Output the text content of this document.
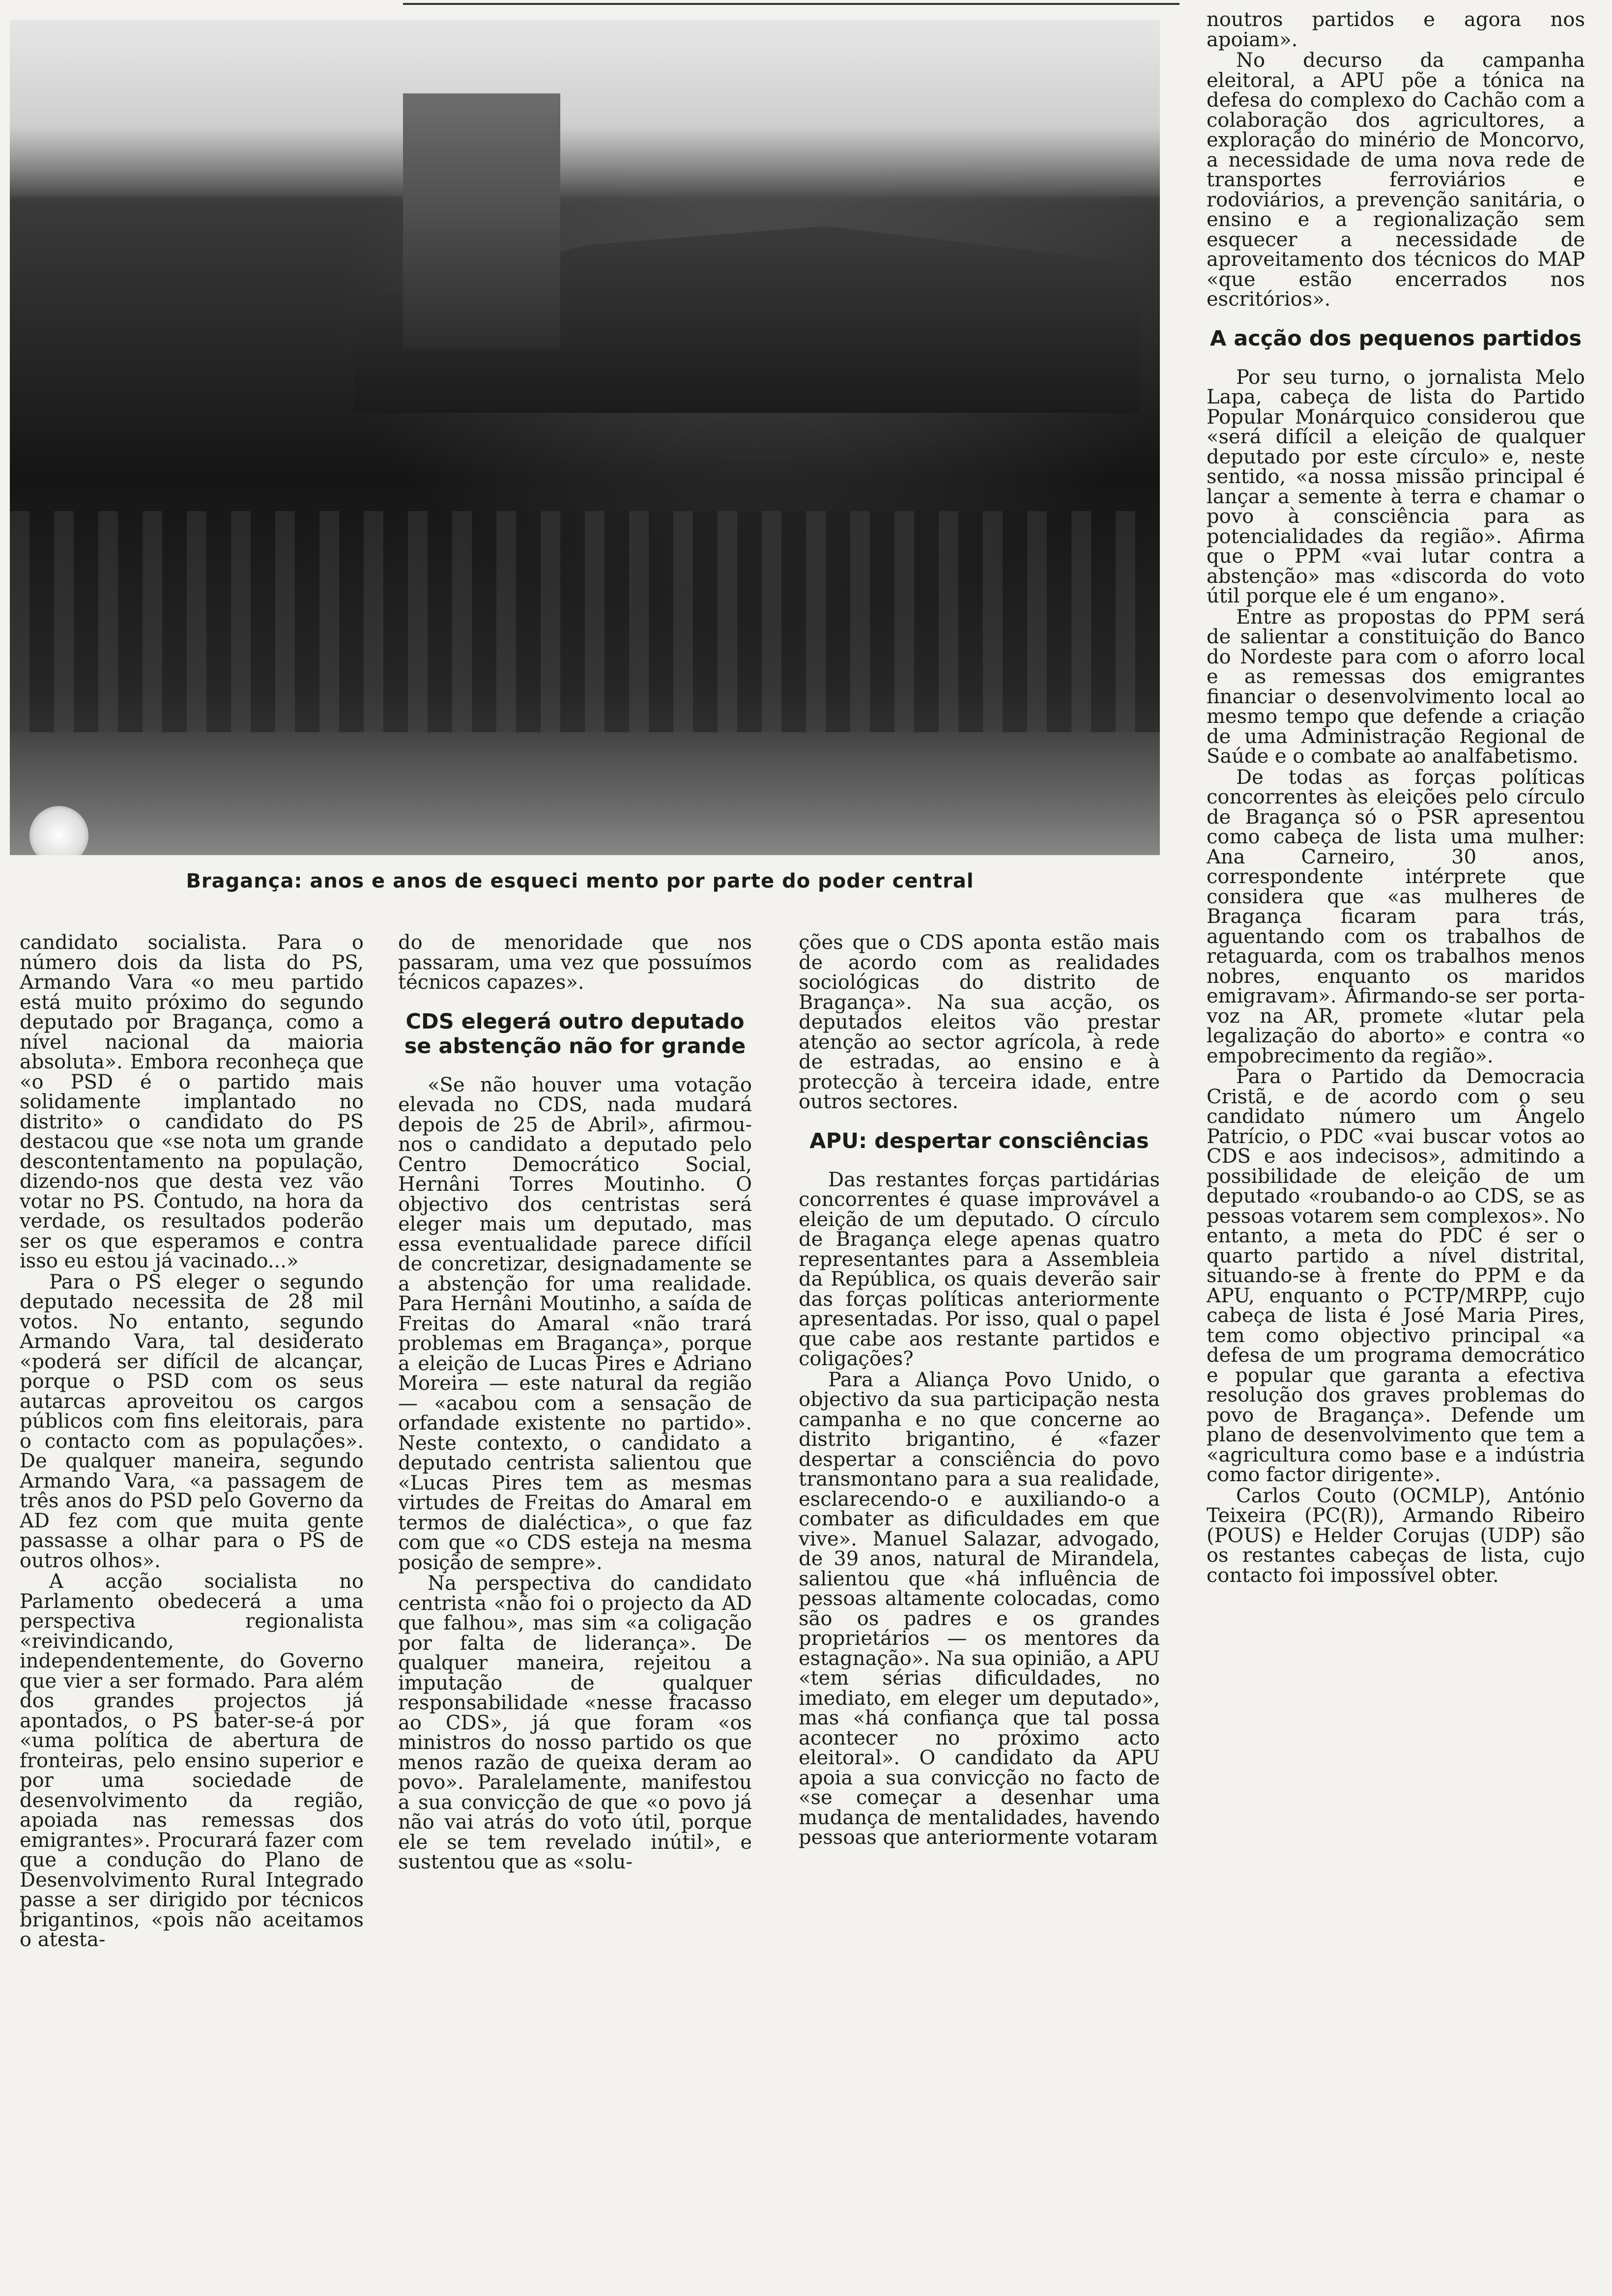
Bragança: anos e anos de esqueci mento por parte do poder central

candidato socialista. Para o número dois da lista do PS, Armando Vara «o meu partido está muito próximo do segundo deputado por Bragança, como a nível nacional da maioria absoluta». Embora reconheça que «o PSD é o partido mais solidamente implantado no distrito» o candidato do PS destacou que «se nota um grande descontentamento na população, dizendo-nos que desta vez vão votar no PS. Contudo, na hora da verdade, os resultados poderão ser os que esperamos e contra isso eu estou já vacinado...»

Para o PS eleger o segundo deputado necessita de 28 mil votos. No entanto, segundo Armando Vara, tal desiderato «poderá ser difícil de alcançar, porque o PSD com os seus autarcas aproveitou os cargos públicos com fins eleitorais, para o contacto com as populações». De qualquer maneira, segundo Armando Vara, «a passagem de três anos do PSD pelo Governo da AD fez com que muita gente passasse a olhar para o PS de outros olhos».

A acção socialista no Parlamento obedecerá a uma perspectiva regionalista «reivindicando, independentemente, do Governo que vier a ser formado. Para além dos grandes projectos já apontados, o PS bater-se-á por «uma política de abertura de fronteiras, pelo ensino superior e por uma sociedade de desenvolvimento da região, apoiada nas remessas dos emigrantes». Procurará fazer com que a condução do Plano de Desenvolvimento Rural Integrado passe a ser dirigido por técnicos brigantinos, «pois não aceitamos o atesta-

do de menoridade que nos passaram, uma vez que possuímos técnicos capazes».

CDS elegerá outro deputado se abstenção não for grande

«Se não houver uma votação elevada no CDS, nada mudará depois de 25 de Abril», afirmou-nos o candidato a deputado pelo Centro Democrático Social, Hernâni Torres Moutinho. O objectivo dos centristas será eleger mais um deputado, mas essa eventualidade parece difícil de concretizar, designadamente se a abstenção for uma realidade. Para Hernâni Moutinho, a saída de Freitas do Amaral «não trará problemas em Bragança», porque a eleição de Lucas Pires e Adriano Moreira — este natural da região — «acabou com a sensação de orfandade existente no partido». Neste contexto, o candidato a deputado centrista salientou que «Lucas Pires tem as mesmas virtudes de Freitas do Amaral em termos de dialéctica», o que faz com que «o CDS esteja na mesma posição de sempre».

Na perspectiva do candidato centrista «não foi o projecto da AD que falhou», mas sim «a coligação por falta de liderança». De qualquer maneira, rejeitou a imputação de qualquer responsabilidade «nesse fracasso ao CDS», já que foram «os ministros do nosso partido os que menos razão de queixa deram ao povo». Paralelamente, manifestou a sua convicção de que «o povo já não vai atrás do voto útil, porque ele se tem revelado inútil», e sustentou que as «solu-

ções que o CDS aponta estão mais de acordo com as realidades sociológicas do distrito de Bragança». Na sua acção, os deputados eleitos vão prestar atenção ao sector agrícola, à rede de estradas, ao ensino e à protecção à terceira idade, entre outros sectores.

APU: despertar consciências

Das restantes forças partidárias concorrentes é quase improvável a eleição de um deputado. O círculo de Bragança elege apenas quatro representantes para a Assembleia da República, os quais deverão sair das forças políticas anteriormente apresentadas. Por isso, qual o papel que cabe aos restante partidos e coligações?

Para a Aliança Povo Unido, o objectivo da sua participação nesta campanha e no que concerne ao distrito brigantino, é «fazer despertar a consciência do povo transmontano para a sua realidade, esclarecendo-o e auxiliando-o a combater as dificuldades em que vive». Manuel Salazar, advogado, de 39 anos, natural de Mirandela, salientou que «há influência de pessoas altamente colocadas, como são os padres e os grandes proprietários — os mentores da estagnação». Na sua opinião, a APU «tem sérias dificuldades, no imediato, em eleger um deputado», mas «há confiança que tal possa acontecer no próximo acto eleitoral». O candidato da APU apoia a sua convicção no facto de «se começar a desenhar uma mudança de mentalidades, havendo pessoas que anteriormente votaram

noutros partidos e agora nos apoiam».

No decurso da campanha eleitoral, a APU põe a tónica na defesa do complexo do Cachão com a colaboração dos agricultores, a exploração do minério de Moncorvo, a necessidade de uma nova rede de transportes ferroviários e rodoviários, a prevenção sanitária, o ensino e a regionalização sem esquecer a necessidade de aproveitamento dos técnicos do MAP «que estão encerrados nos escritórios».

A acção dos pequenos partidos

Por seu turno, o jornalista Melo Lapa, cabeça de lista do Partido Popular Monárquico considerou que «será difícil a eleição de qualquer deputado por este círculo» e, neste sentido, «a nossa missão principal é lançar a semente à terra e chamar o povo à consciência para as potencialidades da região». Afirma que o PPM «vai lutar contra a abstenção» mas «discorda do voto útil porque ele é um engano».

Entre as propostas do PPM será de salientar a constituição do Banco do Nordeste para com o aforro local e as remessas dos emigrantes financiar o desenvolvimento local ao mesmo tempo que defende a criação de uma Administração Regional de Saúde e o combate ao analfabetismo.

De todas as forças políticas concorrentes às eleições pelo círculo de Bragança só o PSR apresentou como cabeça de lista uma mulher: Ana Carneiro, 30 anos, correspondente intérprete que considera que «as mulheres de Bragança ficaram para trás, aguentando com os trabalhos de retaguarda, com os trabalhos menos nobres, enquanto os maridos emigravam». Afirmando-se ser porta-voz na AR, promete «lutar pela legalização do aborto» e contra «o empobrecimento da região».

Para o Partido da Democracia Cristã, e de acordo com o seu candidato número um Ângelo Patrício, o PDC «vai buscar votos ao CDS e aos indecisos», admitindo a possibilidade de eleição de um deputado «roubando-o ao CDS, se as pessoas votarem sem complexos». No entanto, a meta do PDC é ser o quarto partido a nível distrital, situando-se à frente do PPM e da APU, enquanto o PCTP/MRPP, cujo cabeça de lista é José Maria Pires, tem como objectivo principal «a defesa de um programa democrático e popular que garanta a efectiva resolução dos graves problemas do povo de Bragança». Defende um plano de desenvolvimento que tem a «agricultura como base e a indústria como factor dirigente».

Carlos Couto (OCMLP), António Teixeira (PC(R)), Armando Ribeiro (POUS) e Helder Corujas (UDP) são os restantes cabeças de lista, cujo contacto foi impossível obter.
